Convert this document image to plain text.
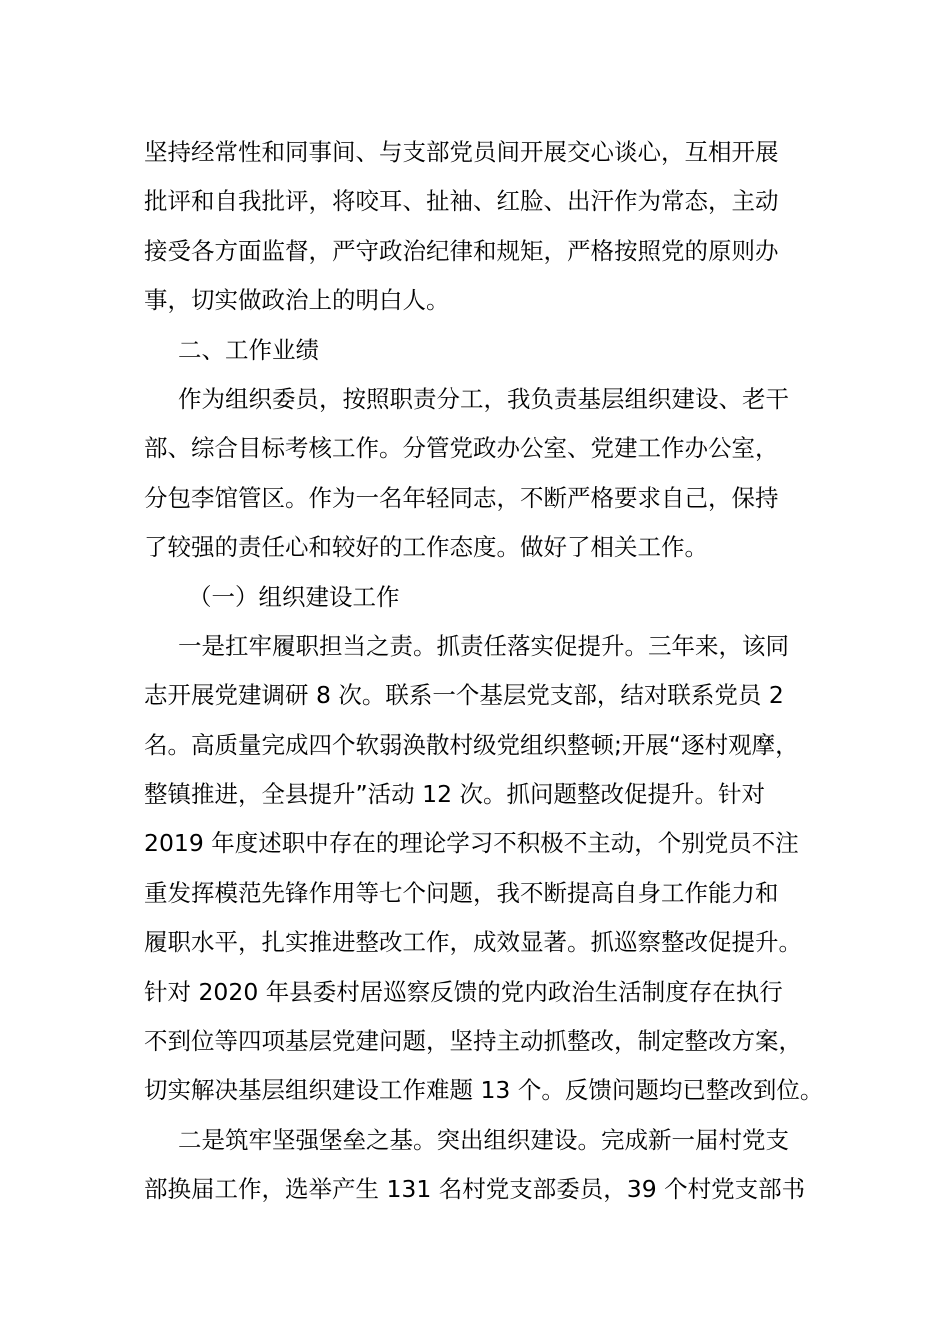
坚持经常性和同事间、与支部党员间开展交心谈心，互相开展
批评和自我批评，将咬耳、扯袖、红脸、出汗作为常态，主动
接受各方面监督，严守政治纪律和规矩，严格按照党的原则办
事，切实做政治上的明白人。
二、工作业绩
作为组织委员，按照职责分工，我负责基层组织建设、老干
部、综合目标考核工作。分管党政办公室、党建工作办公室，
分包李馆管区。作为一名年轻同志，不断严格要求自己，保持
了较强的责任心和较好的工作态度。做好了相关工作。
（一）组织建设工作
一是扛牢履职担当之责。抓责任落实促提升。三年来，该同
志开展党建调研 8 次。联系一个基层党支部，结对联系党员 2
名。高质量完成四个软弱涣散村级党组织整顿;开展“逐村观摩，
整镇推进，全县提升”活动 12 次。抓问题整改促提升。针对
2019 年度述职中存在的理论学习不积极不主动，个别党员不注
重发挥模范先锋作用等七个问题，我不断提高自身工作能力和
履职水平，扎实推进整改工作，成效显著。抓巡察整改促提升。
针对 2020 年县委村居巡察反馈的党内政治生活制度存在执行
不到位等四项基层党建问题，坚持主动抓整改，制定整改方案，
切实解决基层组织建设工作难题 13 个。反馈问题均已整改到位。
二是筑牢坚强堡垒之基。突出组织建设。完成新一届村党支
部换届工作，选举产生 131 名村党支部委员，39 个村党支部书
